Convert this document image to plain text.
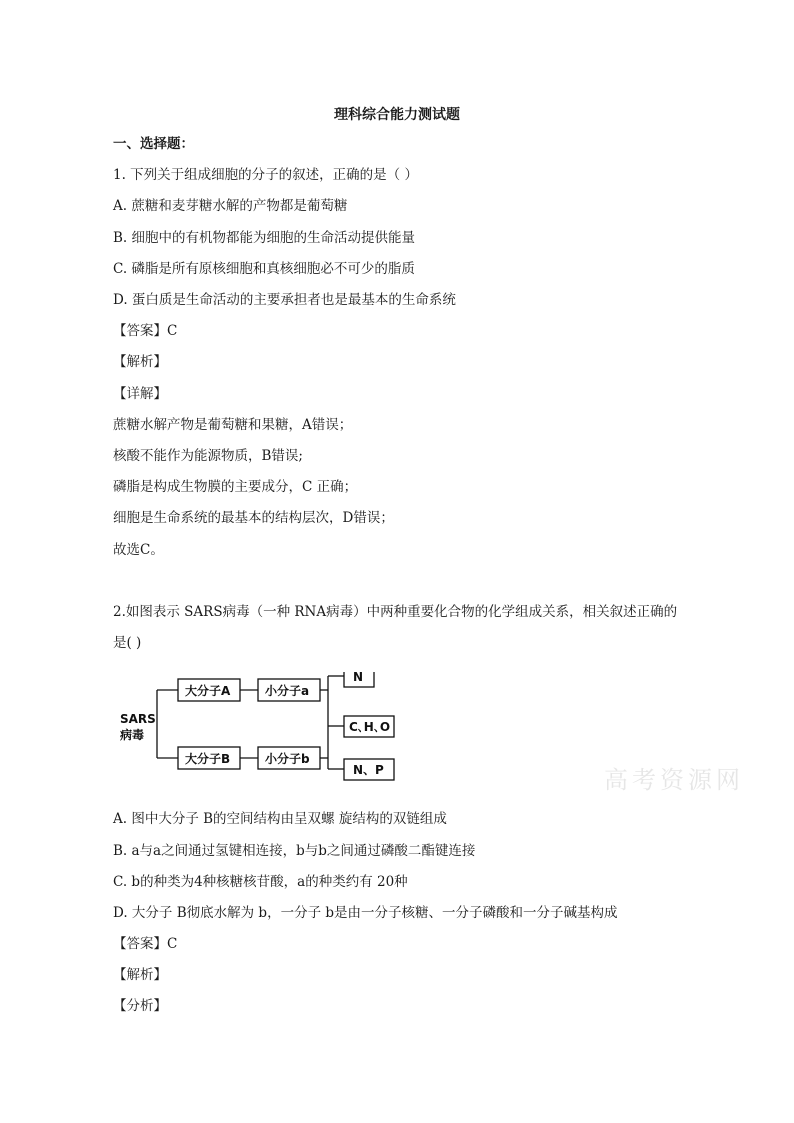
理科综合能力测试题
一、选择题：
1. 下列关于组成细胞的分子的叙述，正确的是（ ）
A. 蔗糖和麦芽糖水解的产物都是葡萄糖
B. 细胞中的有机物都能为细胞的生命活动提供能量
C. 磷脂是所有原核细胞和真核细胞必不可少的脂质
D. 蛋白质是生命活动的主要承担者也是最基本的生命系统
【答案】C
【解析】
【详解】
蔗糖水解产物是葡萄糖和果糖，A错误；
核酸不能作为能源物质，B错误;
磷脂是构成生物膜的主要成分，C 正确；
细胞是生命系统的最基本的结构层次，D错误；
故选C。
2.如图表示 SARS病毒（一种 RNA病毒）中两种重要化合物的化学组成关系，相关叙述正确的
是( )
SARS
病毒
大分子A
大分子B
小分子a
小分子b
N
C､H､O
N、P	高考资源网
A. 图中大分子 B的空间结构由呈双螺 旋结构的双链组成
B. a与a之间通过氢键相连接，b与b之间通过磷酸二酯键连接
C. b的种类为4种核糖核苷酸，a的种类约有 20种
D. 大分子 B彻底水解为 b，一分子 b是由一分子核糖、一分子磷酸和一分子碱基构成
【答案】C
【解析】
【分析】
